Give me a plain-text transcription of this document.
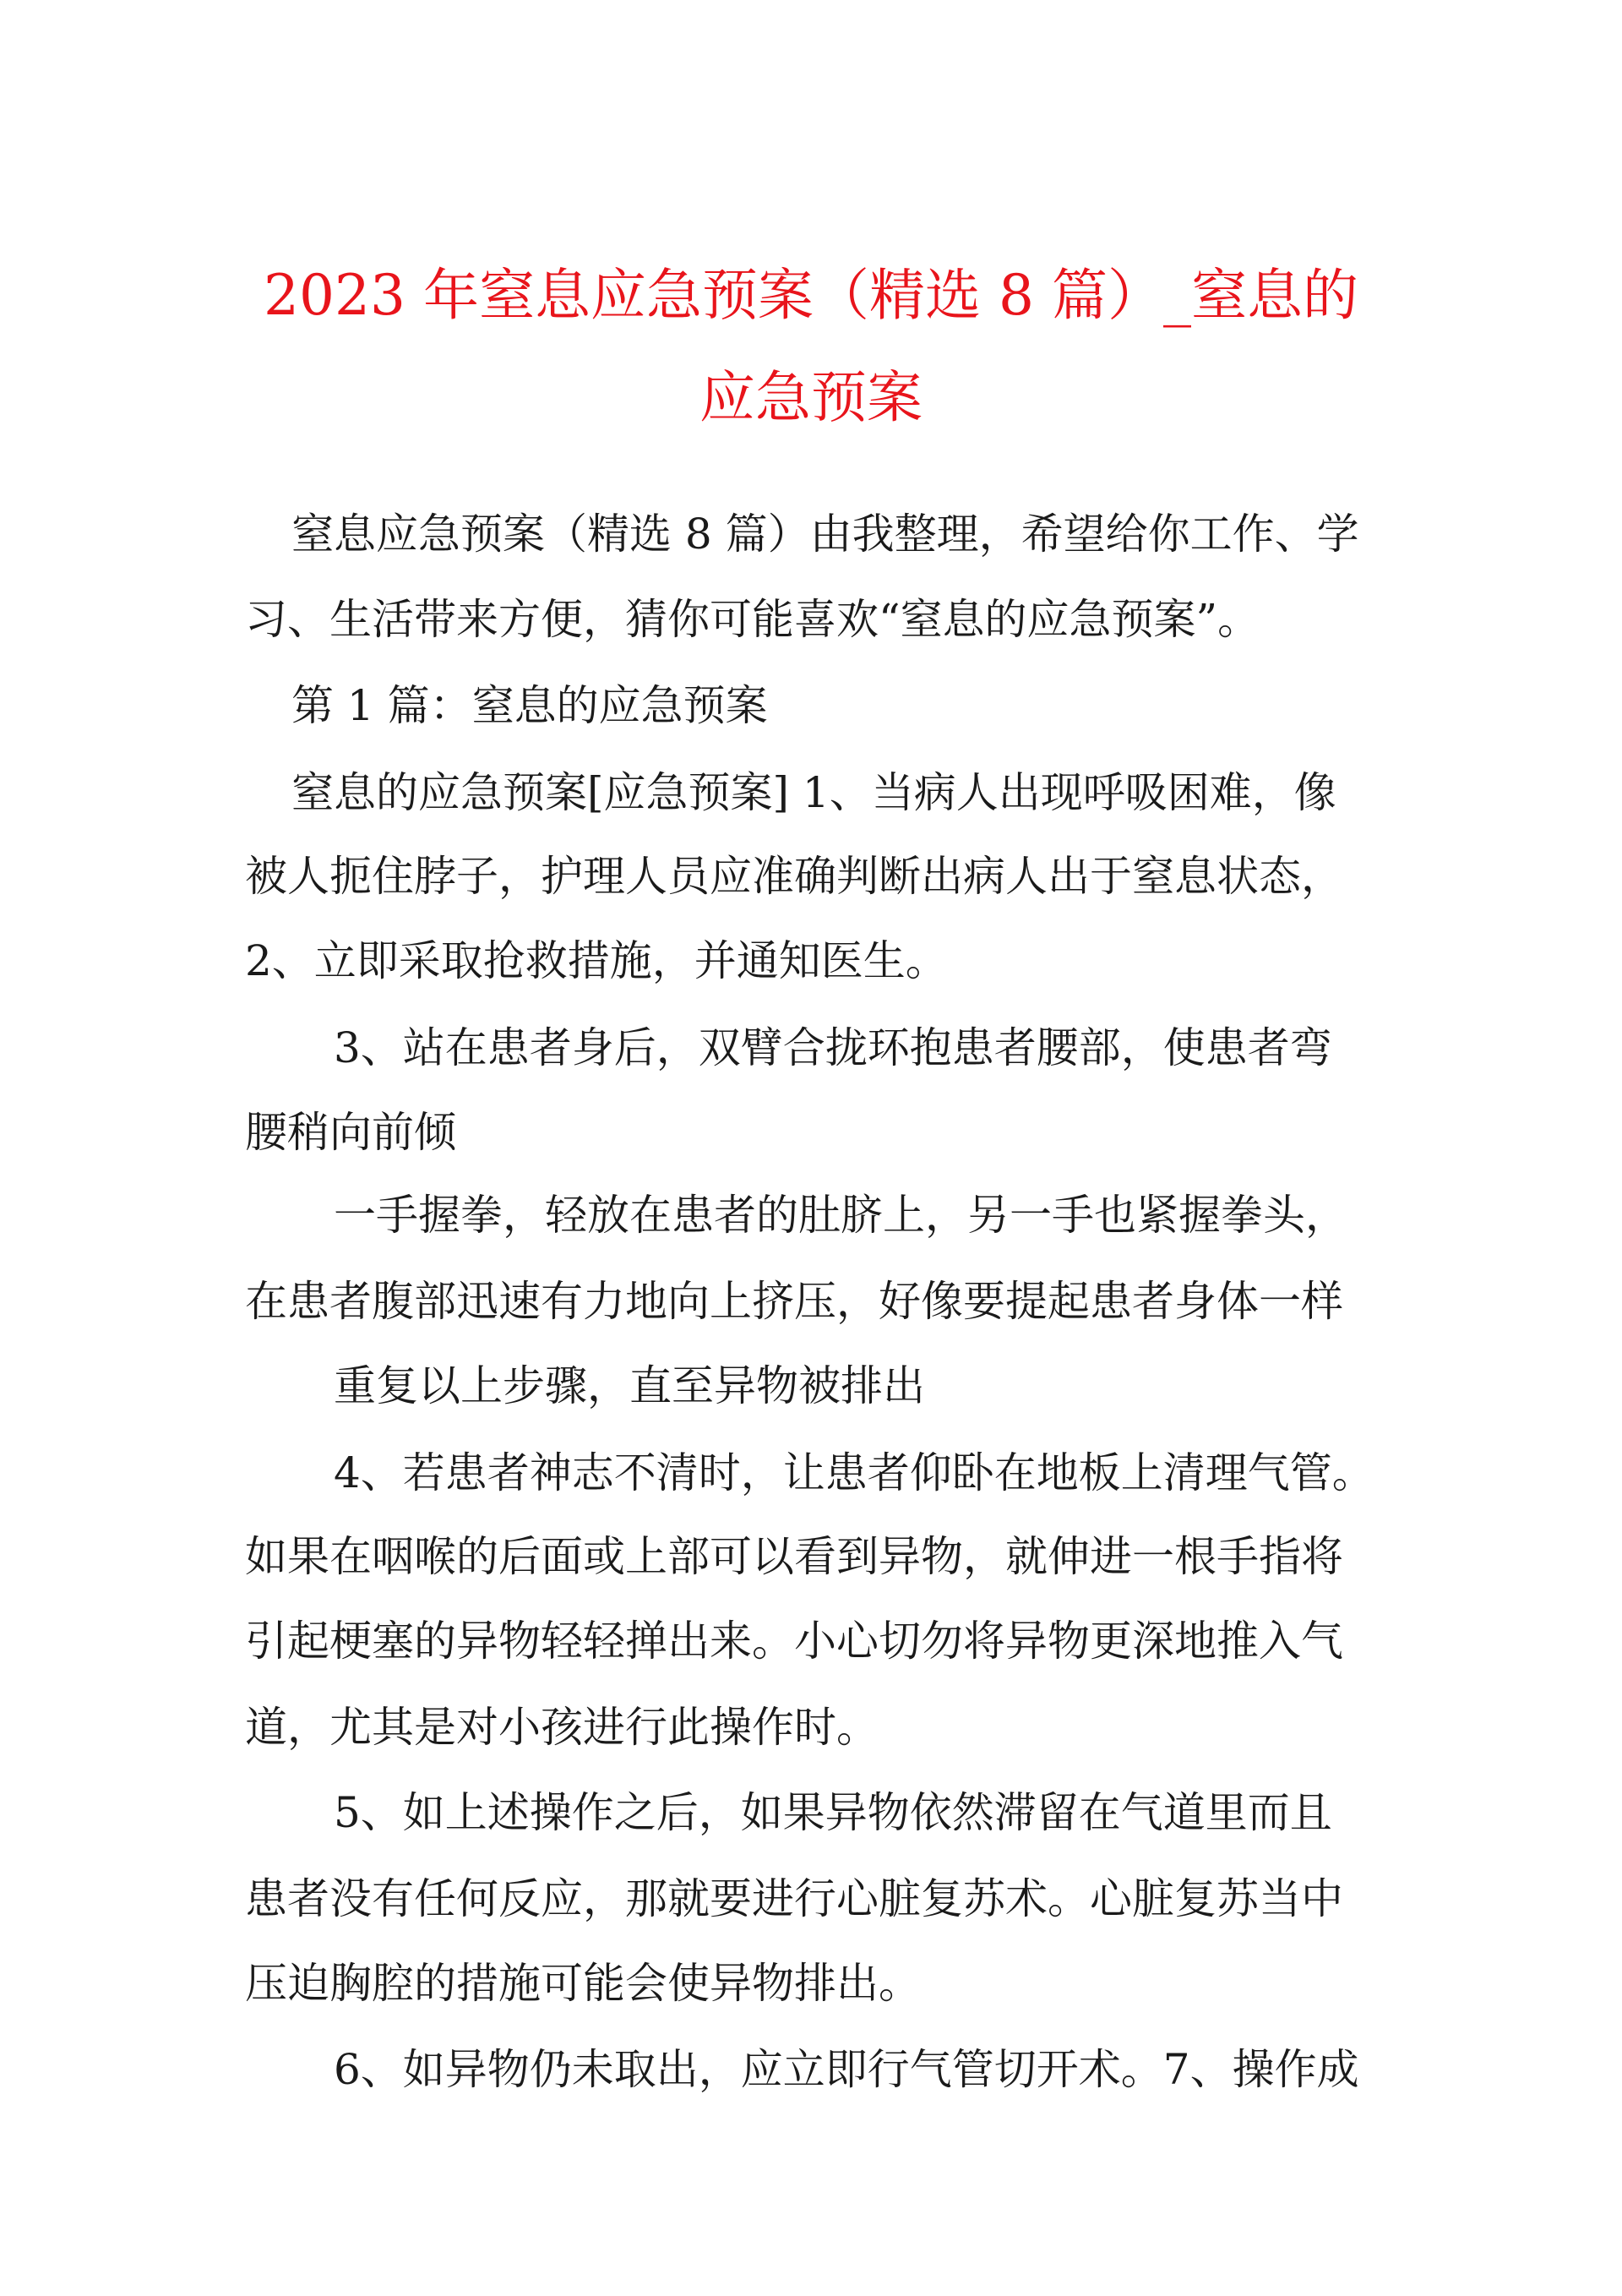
2023 年窒息应急预案（精选 8 篇）_窒息的
应急预案
窒息应急预案（精选 8 篇）由我整理，希望给你工作、学
习、生活带来方便，猜你可能喜欢“窒息的应急预案”。
第 1 篇：窒息的应急预案
窒息的应急预案[应急预案] 1、当病人出现呼吸困难，像
被人扼住脖子，护理人员应准确判断出病人出于窒息状态，
2、立即采取抢救措施，并通知医生。
3、站在患者身后，双臂合拢环抱患者腰部，使患者弯
腰稍向前倾
一手握拳，轻放在患者的肚脐上，另一手也紧握拳头，
在患者腹部迅速有力地向上挤压，好像要提起患者身体一样
重复以上步骤，直至异物被排出
4、若患者神志不清时，让患者仰卧在地板上清理气管。
如果在咽喉的后面或上部可以看到异物，就伸进一根手指将
引起梗塞的异物轻轻掸出来。小心切勿将异物更深地推入气
道，尤其是对小孩进行此操作时。
5、如上述操作之后，如果异物依然滞留在气道里而且
患者没有任何反应，那就要进行心脏复苏术。心脏复苏当中
压迫胸腔的措施可能会使异物排出。
6、如异物仍未取出，应立即行气管切开术。7、操作成
